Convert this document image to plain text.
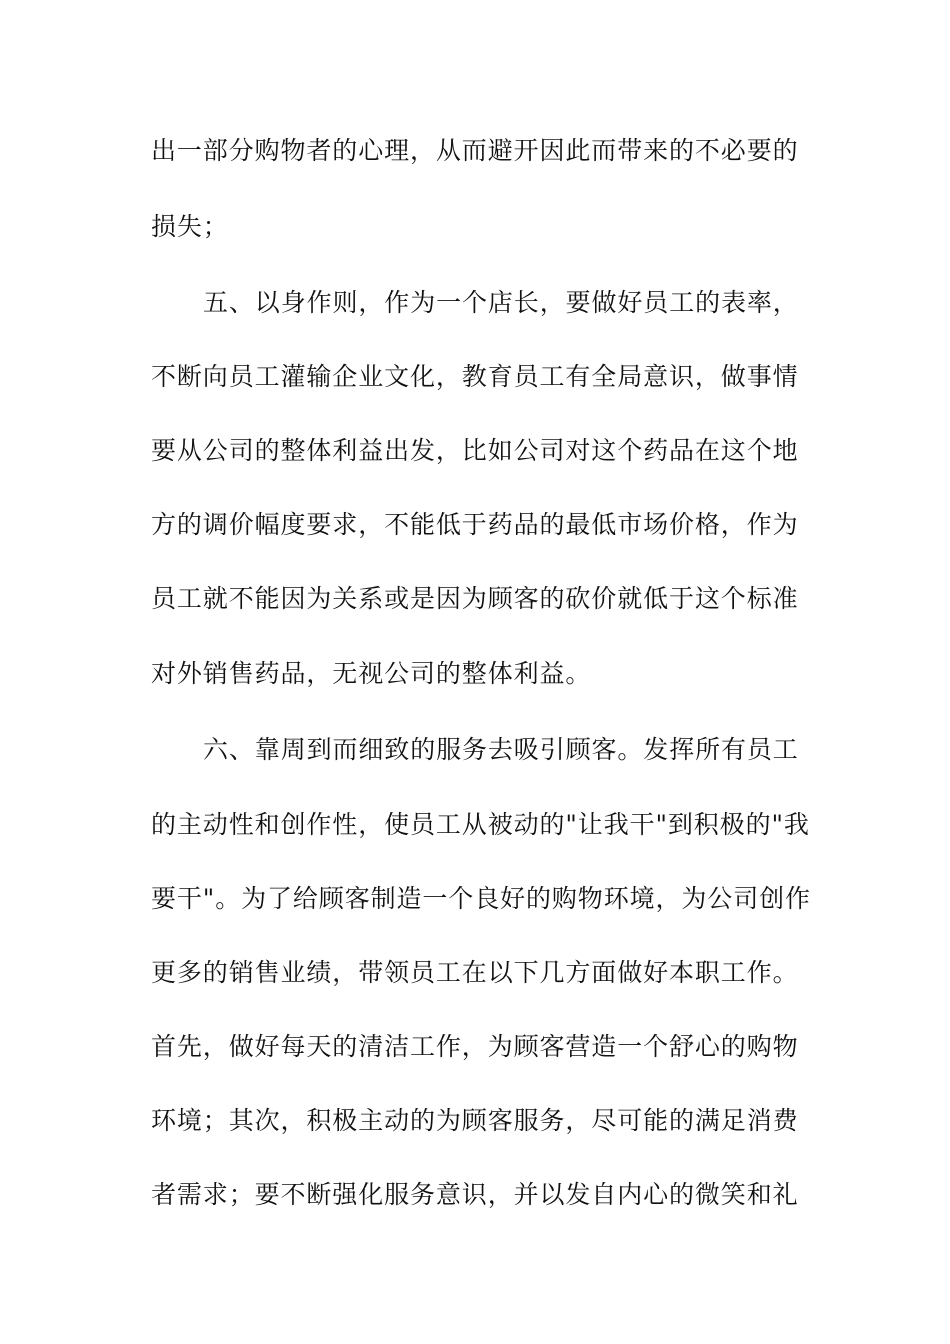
出一部分购物者的心理，从而避开因此而带来的不必要的
损失；
五、以身作则，作为一个店长，要做好员工的表率，
不断向员工灌输企业文化，教育员工有全局意识，做事情
要从公司的整体利益出发，比如公司对这个药品在这个地
方的调价幅度要求，不能低于药品的最低市场价格，作为
员工就不能因为关系或是因为顾客的砍价就低于这个标准
对外销售药品，无视公司的整体利益。
六、靠周到而细致的服务去吸引顾客。发挥所有员工
的主动性和创作性，使员工从被动的"让我干"到积极的"我
要干"。为了给顾客制造一个良好的购物环境，为公司创作
更多的销售业绩，带领员工在以下几方面做好本职工作。
首先，做好每天的清洁工作，为顾客营造一个舒心的购物
环境；其次，积极主动的为顾客服务，尽可能的满足消费
者需求；要不断强化服务意识，并以发自内心的微笑和礼
